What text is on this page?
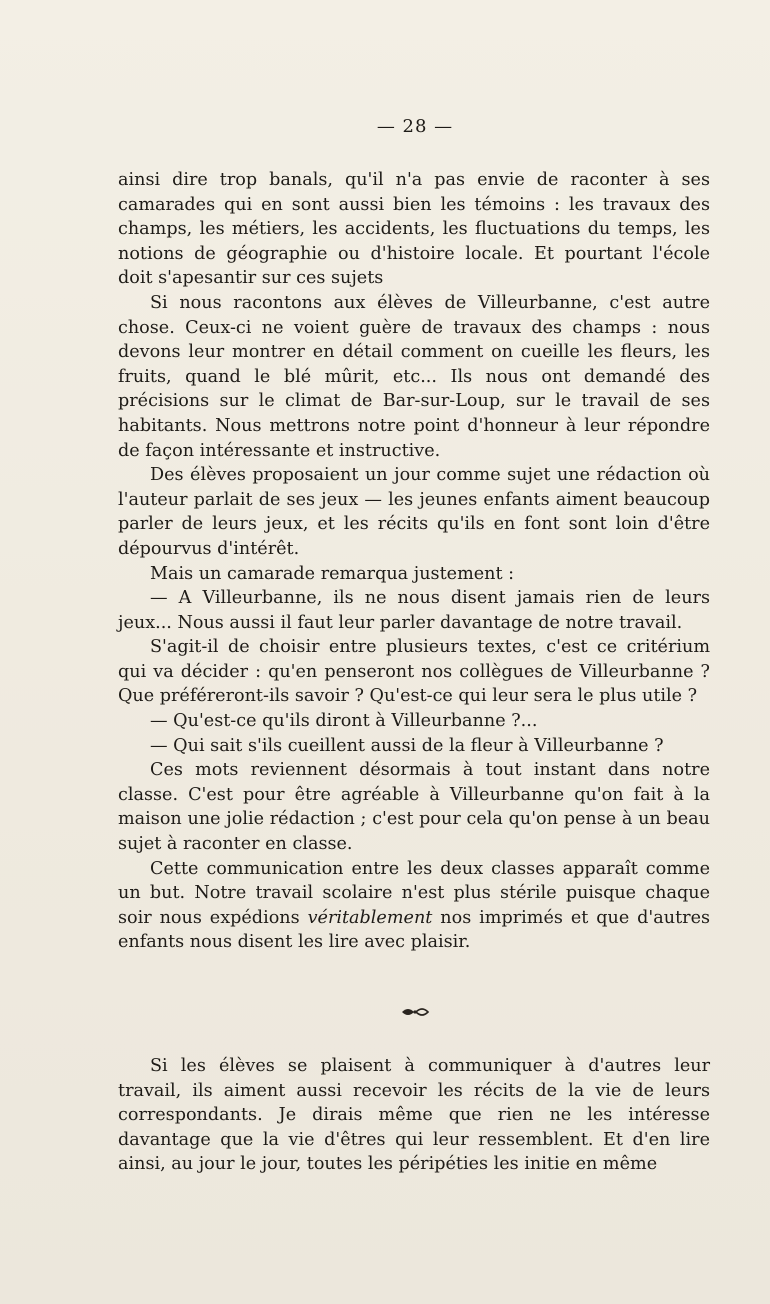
— 28 —

ainsi dire trop banals, qu'il n'a pas envie de raconter à ses camarades qui en sont aussi bien les témoins : les travaux des champs, les métiers, les accidents, les fluctuations du temps, les notions de géographie ou d'histoire locale. Et pourtant l'école doit s'apesantir sur ces sujets

Si nous racontons aux élèves de Villeurbanne, c'est autre chose. Ceux-ci ne voient guère de travaux des champs : nous devons leur montrer en détail comment on cueille les fleurs, les fruits, quand le blé mûrit, etc... Ils nous ont demandé des précisions sur le climat de Bar-sur-Loup, sur le travail de ses habitants. Nous mettrons notre point d'honneur à leur répondre de façon intéressante et instructive.

Des élèves proposaient un jour comme sujet une rédaction où l'auteur parlait de ses jeux — les jeunes enfants aiment beaucoup parler de leurs jeux, et les récits qu'ils en font sont loin d'être dépourvus d'intérêt.

Mais un camarade remarqua justement :

— A Villeurbanne, ils ne nous disent jamais rien de leurs jeux... Nous aussi il faut leur parler davantage de notre travail.

S'agit-il de choisir entre plusieurs textes, c'est ce critérium qui va décider : qu'en penseront nos collègues de Villeurbanne ? Que préféreront-ils savoir ? Qu'est-ce qui leur sera le plus utile ?

— Qu'est-ce qu'ils diront à Villeurbanne ?...

— Qui sait s'ils cueillent aussi de la fleur à Villeurbanne ?

Ces mots reviennent désormais à tout instant dans notre classe. C'est pour être agréable à Villeurbanne qu'on fait à la maison une jolie rédaction ; c'est pour cela qu'on pense à un beau sujet à raconter en classe.

Cette communication entre les deux classes apparaît comme un but. Notre travail scolaire n'est plus stérile puisque chaque soir nous expédions véritablement nos imprimés et que d'autres enfants nous disent les lire avec plaisir.

Si les élèves se plaisent à communiquer à d'autres leur travail, ils aiment aussi recevoir les récits de la vie de leurs correspondants. Je dirais même que rien ne les intéresse davantage que la vie d'êtres qui leur ressemblent. Et d'en lire ainsi, au jour le jour, toutes les péripéties les initie en même
